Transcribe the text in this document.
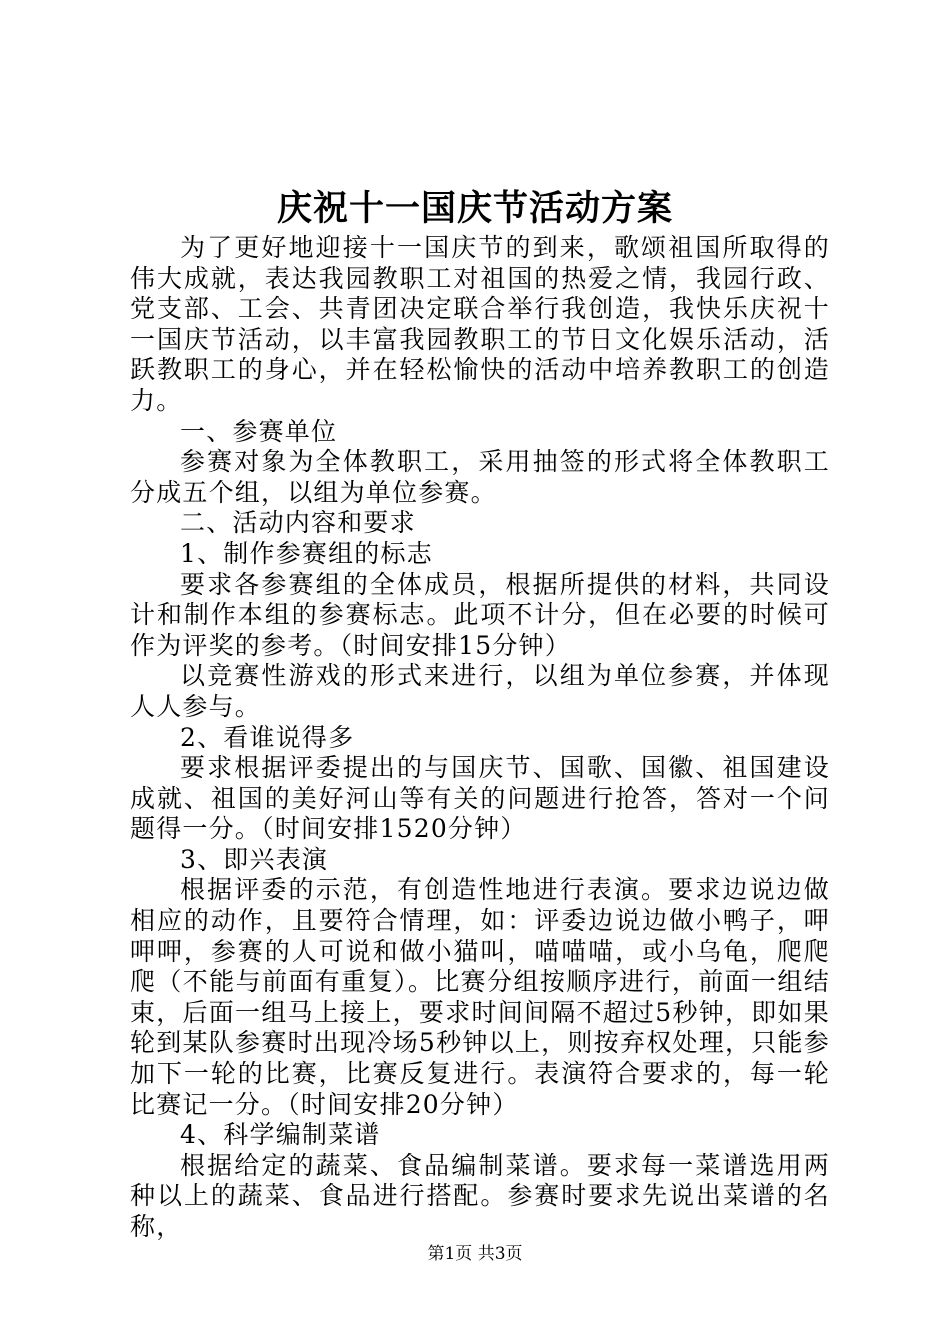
庆祝十一国庆节活动方案

为了更好地迎接十一国庆节的到来，歌颂祖国所取得的伟大成就，表达我园教职工对祖国的热爱之情，我园行政、党支部、工会、共青团决定联合举行我创造，我快乐庆祝十一国庆节活动，以丰富我园教职工的节日文化娱乐活动，活跃教职工的身心，并在轻松愉快的活动中培养教职工的创造力。

一、参赛单位

参赛对象为全体教职工，采用抽签的形式将全体教职工分成五个组，以组为单位参赛。

二、活动内容和要求

1、制作参赛组的标志

要求各参赛组的全体成员，根据所提供的材料，共同设计和制作本组的参赛标志。此项不计分，但在必要的时候可作为评奖的参考。（时间安排15分钟）

以竞赛性游戏的形式来进行，以组为单位参赛，并体现人人参与。

2、看谁说得多

要求根据评委提出的与国庆节、国歌、国徽、祖国建设成就、祖国的美好河山等有关的问题进行抢答，答对一个问题得一分。（时间安排1520分钟）

3、即兴表演

根据评委的示范，有创造性地进行表演。要求边说边做相应的动作，且要符合情理，如：评委边说边做小鸭子，呷呷呷，参赛的人可说和做小猫叫，喵喵喵，或小乌龟，爬爬爬（不能与前面有重复）。比赛分组按顺序进行，前面一组结束，后面一组马上接上，要求时间间隔不超过5秒钟，即如果轮到某队参赛时出现冷场5秒钟以上，则按弃权处理，只能参加下一轮的比赛，比赛反复进行。表演符合要求的，每一轮比赛记一分。（时间安排20分钟）

4、科学编制菜谱

根据给定的蔬菜、食品编制菜谱。要求每一菜谱选用两种以上的蔬菜、食品进行搭配。参赛时要求先说出菜谱的名称，

第1页 共3页
